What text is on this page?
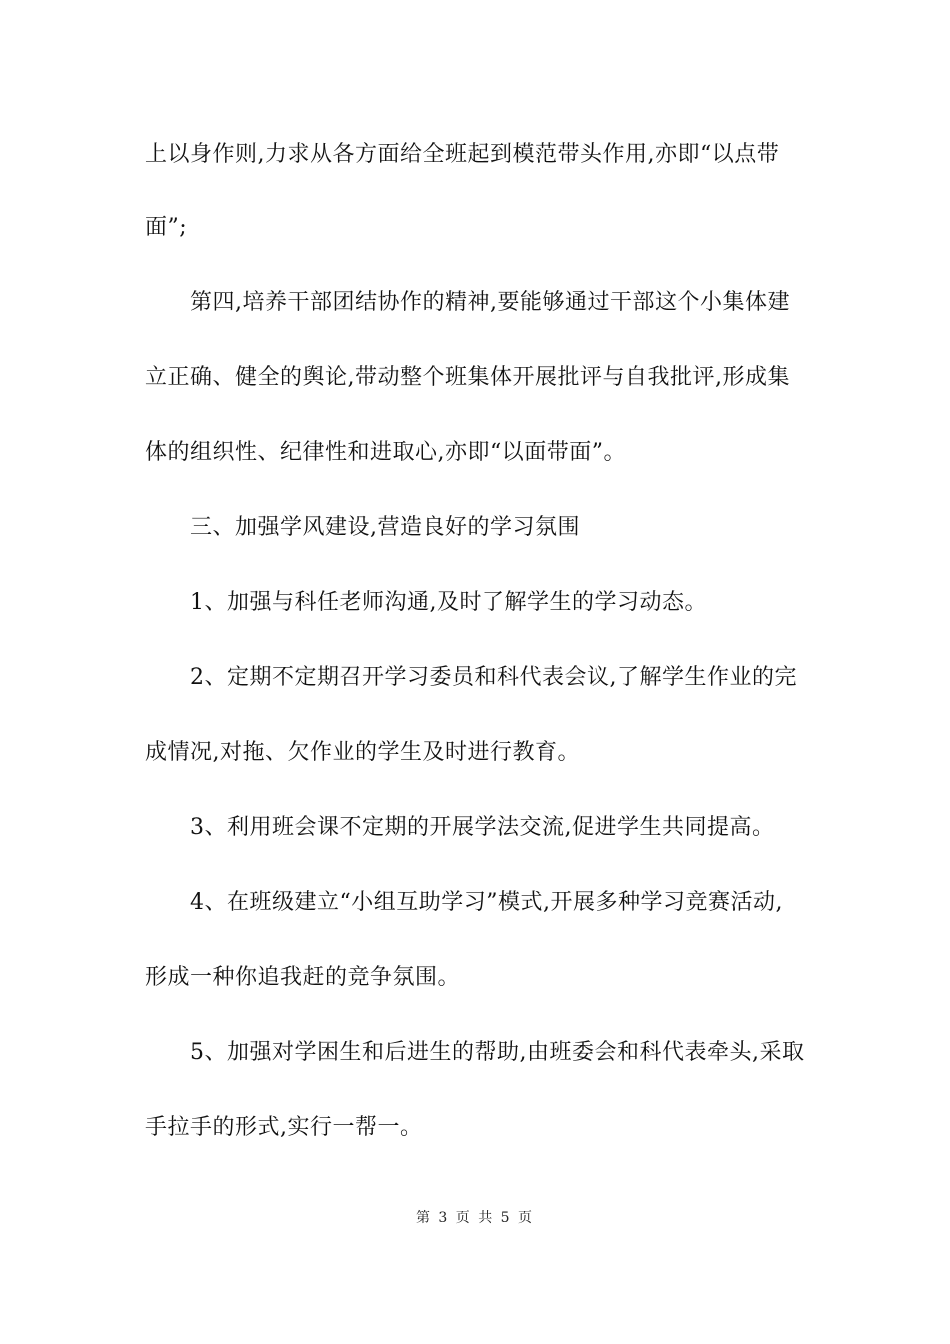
上以身作则,力求从各方面给全班起到模范带头作用,亦即“以点带
面”;
第四,培养干部团结协作的精神,要能够通过干部这个小集体建
立正确、健全的舆论,带动整个班集体开展批评与自我批评,形成集
体的组织性、纪律性和进取心,亦即“以面带面”。
三、加强学风建设,营造良好的学习氛围
1、加强与科任老师沟通,及时了解学生的学习动态。
2、定期不定期召开学习委员和科代表会议,了解学生作业的完
成情况,对拖、欠作业的学生及时进行教育。
3、利用班会课不定期的开展学法交流,促进学生共同提高。
4、在班级建立“小组互助学习”模式,开展多种学习竞赛活动,
形成一种你追我赶的竞争氛围。
5、加强对学困生和后进生的帮助,由班委会和科代表牵头,采取
手拉手的形式,实行一帮一。
第 3 页 共 5 页
